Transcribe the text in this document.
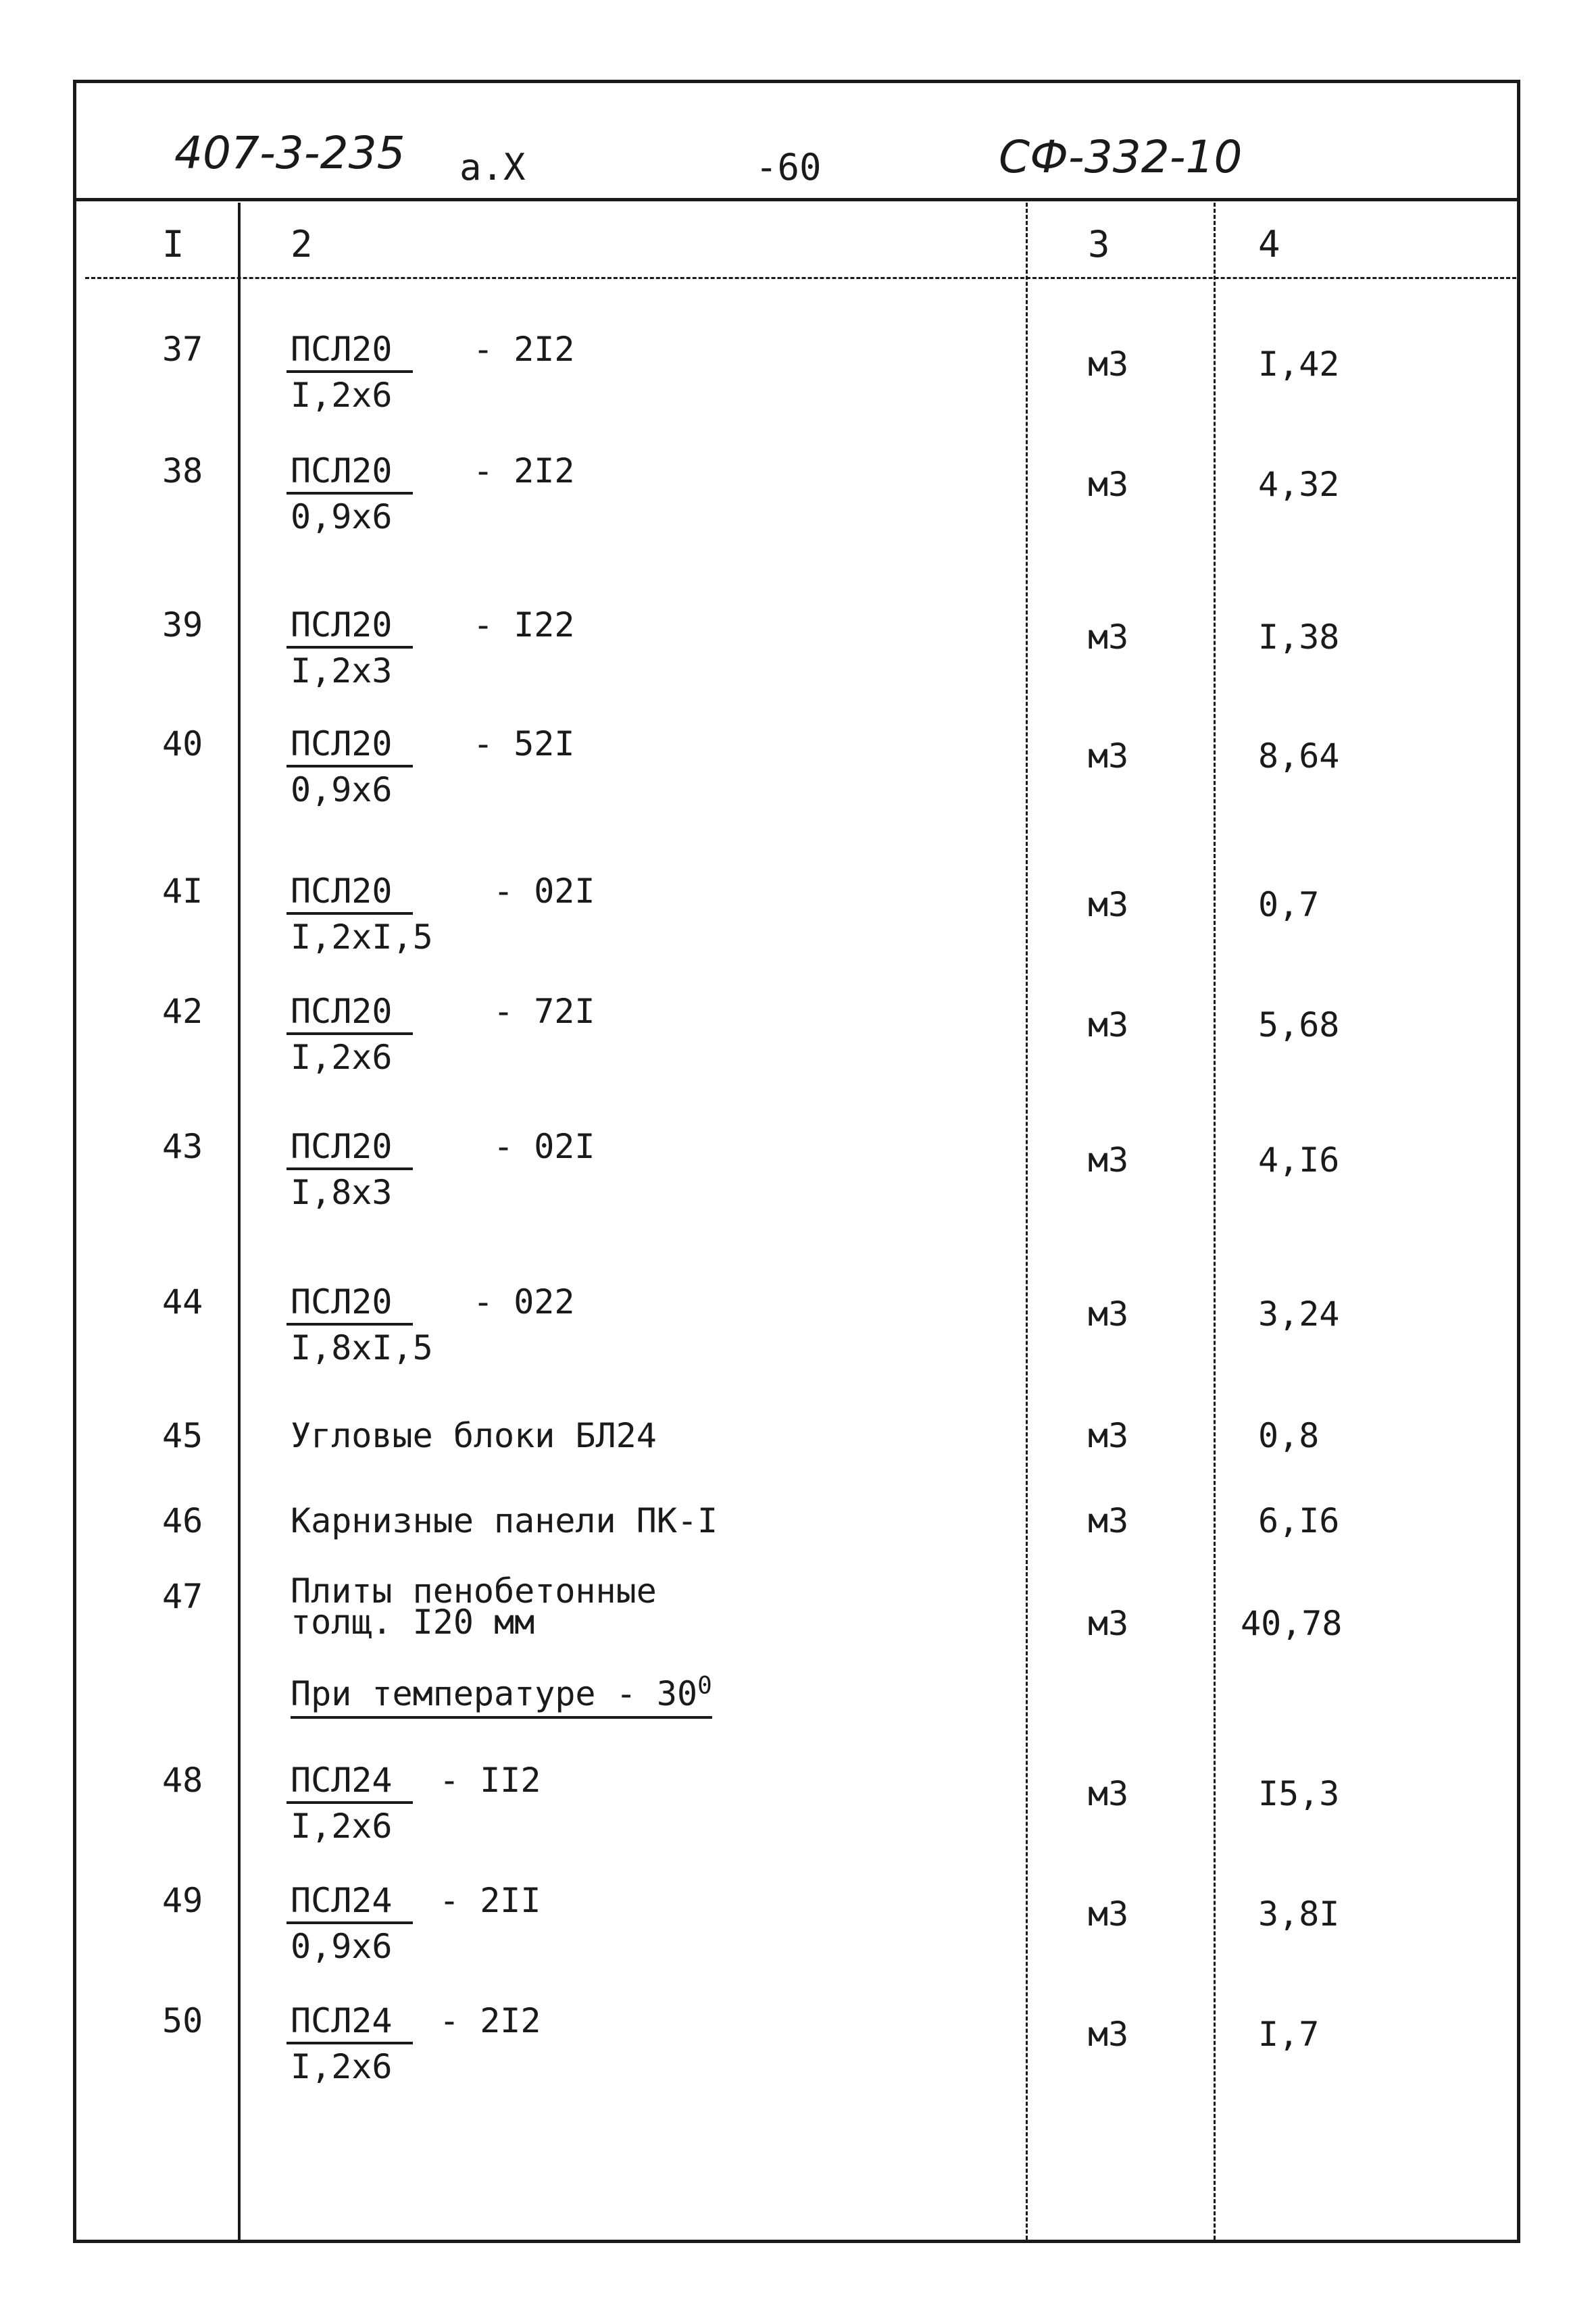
407-3-235 а.X	-60	СФ-332-10
I	2	3	4
37	ПСЛ20
I,2x6
- 2I2	м3	I,42
38	ПСЛ20
0,9x6
- 2I2	м3	4,32
39	ПСЛ20
I,2x3
- I22	м3	I,38
40	ПСЛ20
0,9x6
- 52I	м3	8,64
4I	ПСЛ20
I,2xI,5
- 02I	м3	0,7
42	ПСЛ20
I,2x6
- 72I	м3	5,68
43	ПСЛ20
I,8x3
- 02I	м3	4,I6
44	ПСЛ20
I,8xI,5
- 022	м3	3,24
45	Угловые блоки БЛ24	м3	0,8
46	Карнизные панели ПК-I	м3	6,I6
47	Плиты пенобетонные
толщ. I20 мм	м3	40,78
При температуре - $30^0$
48	ПСЛ24
I,2x6
- II2	м3	I5,3
49	ПСЛ24
0,9x6
- 2II	м3	3,8I
50	ПСЛ24
I,2x6
- 2I2	м3	I,7
